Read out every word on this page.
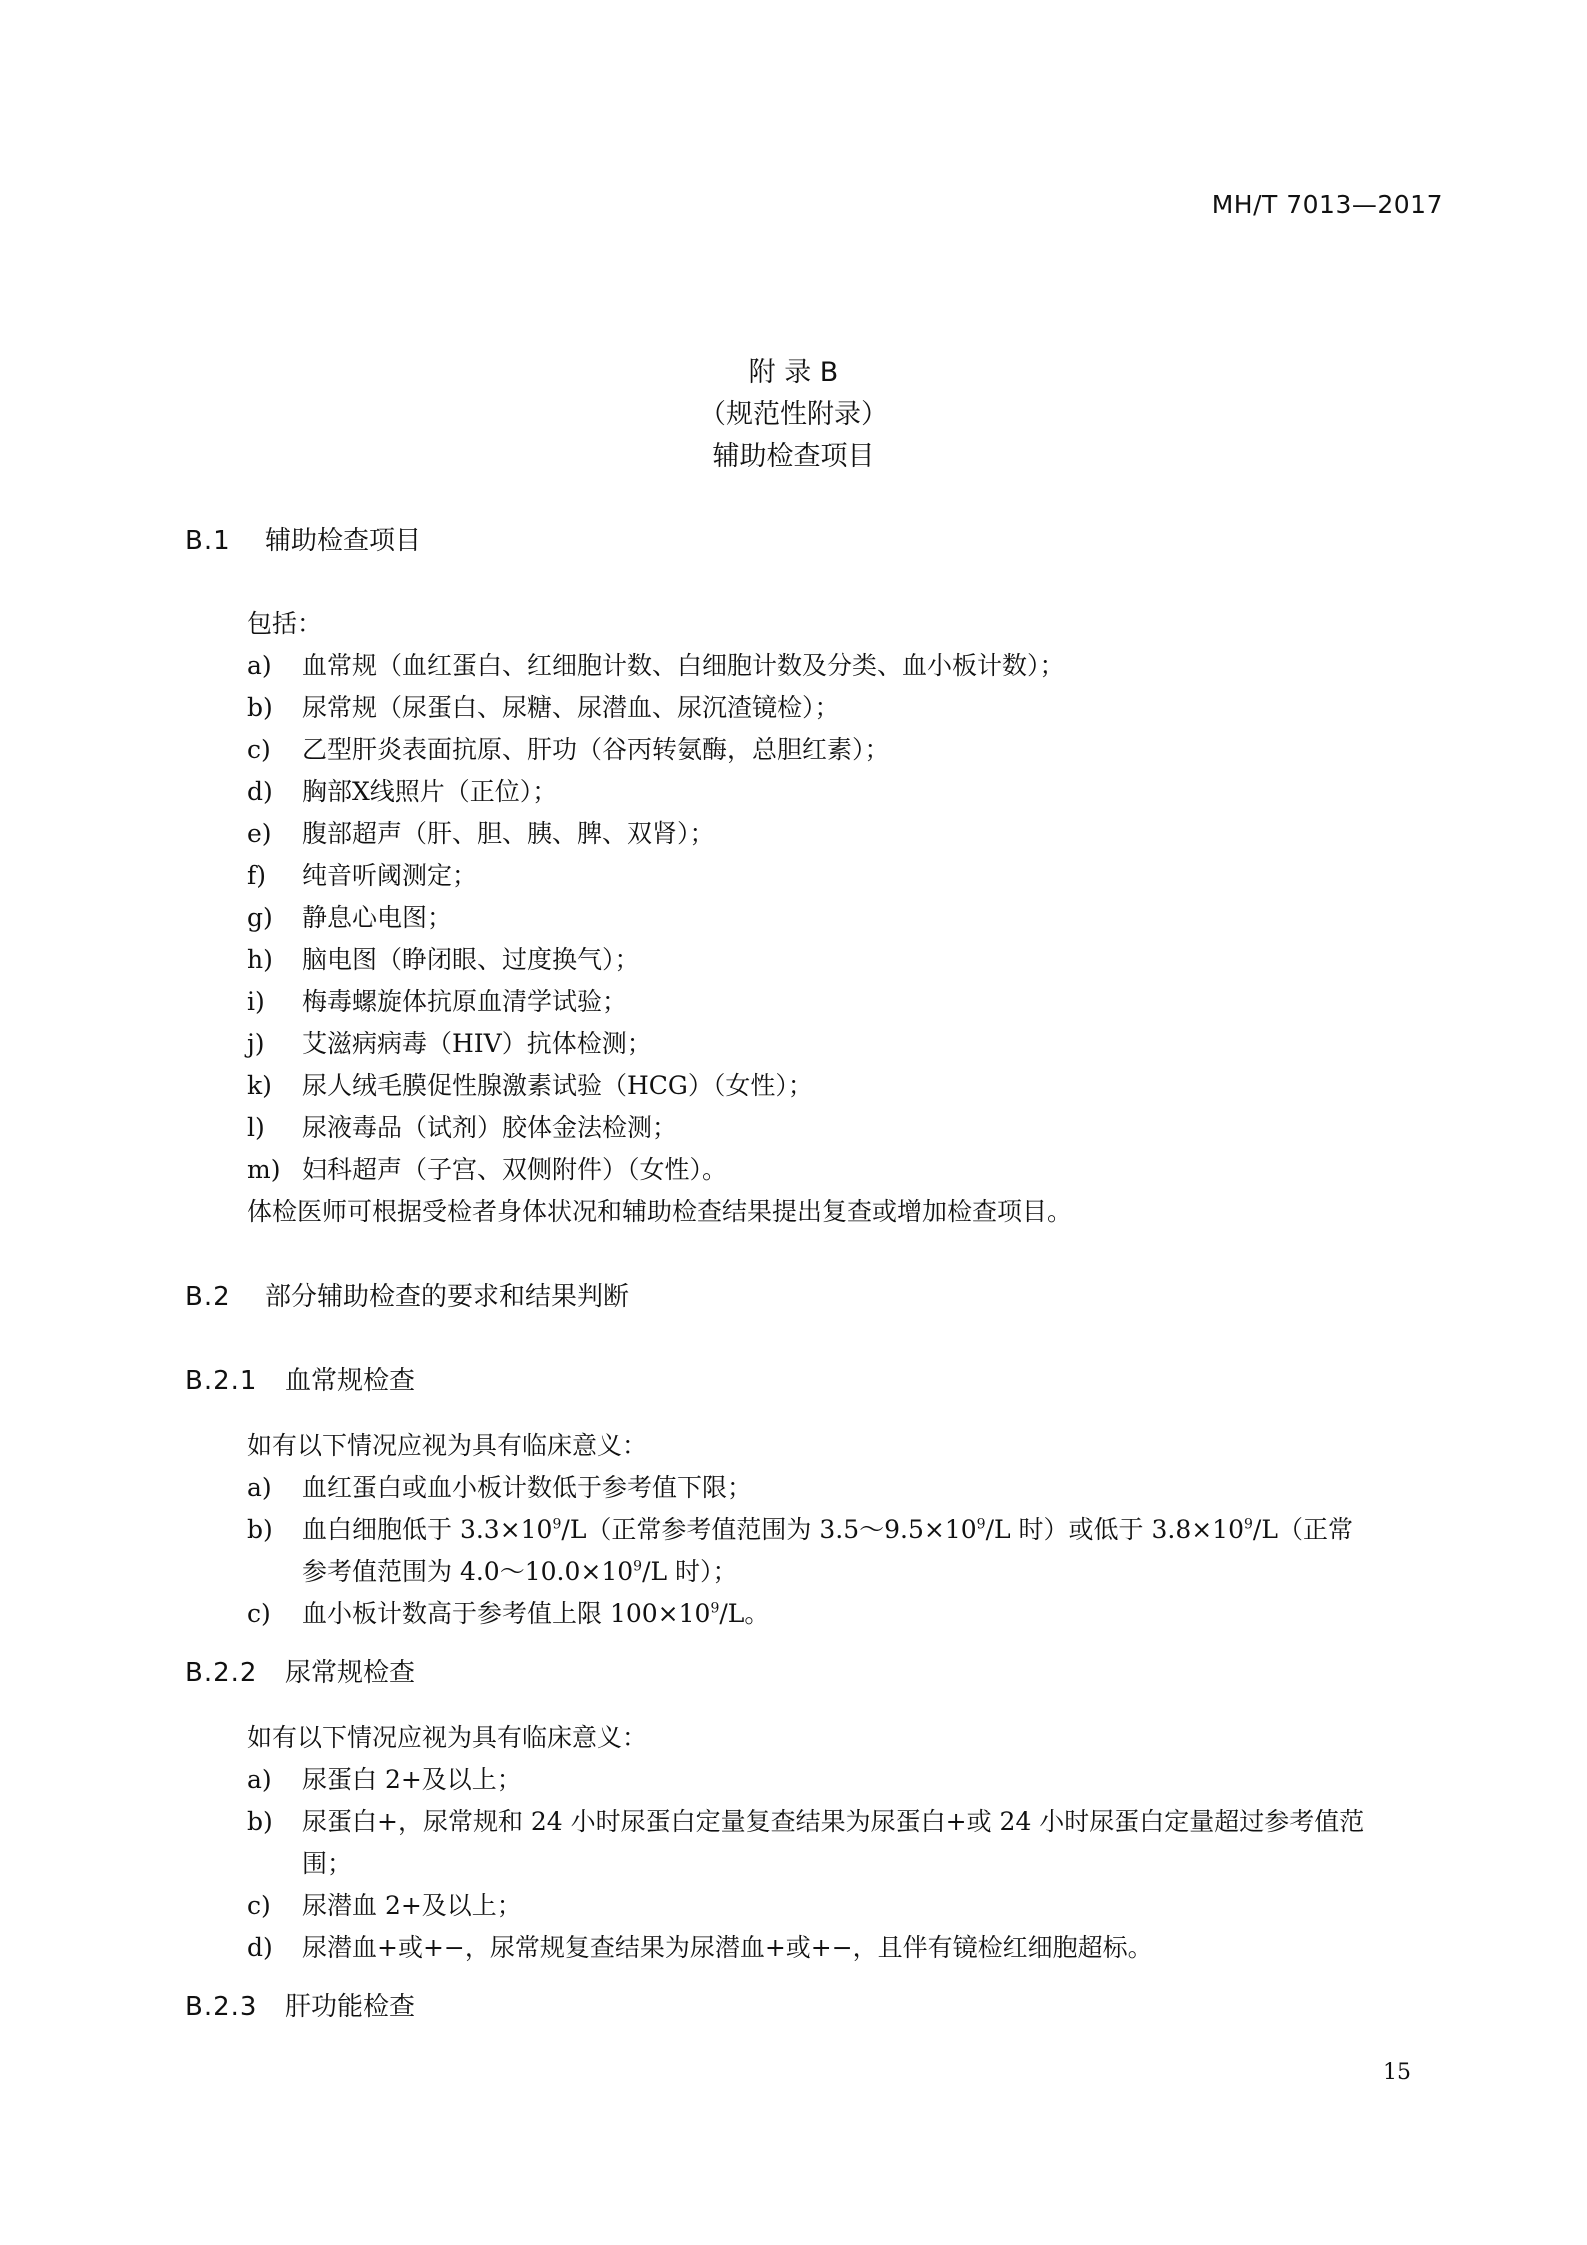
MH/T 7013—2017
附 录 B
（规范性附录）
辅助检查项目
B.1 辅助检查项目
包括：
a) 血常规（血红蛋白、红细胞计数、白细胞计数及分类、血小板计数）；
b) 尿常规（尿蛋白、尿糖、尿潜血、尿沉渣镜检）；
c) 乙型肝炎表面抗原、肝功（谷丙转氨酶，总胆红素）；
d) 胸部X线照片（正位）；
e) 腹部超声（肝、胆、胰、脾、双肾）；
f) 纯音听阈测定；
g) 静息心电图；
h) 脑电图（睁闭眼、过度换气）；
i) 梅毒螺旋体抗原血清学试验；
j) 艾滋病病毒（HIV）抗体检测；
k) 尿人绒毛膜促性腺激素试验（HCG）（女性）；
l) 尿液毒品（试剂）胶体金法检测；
m) 妇科超声（子宫、双侧附件）（女性）。
体检医师可根据受检者身体状况和辅助检查结果提出复查或增加检查项目。
B.2 部分辅助检查的要求和结果判断
B.2.1 血常规检查
如有以下情况应视为具有临床意义：
a) 血红蛋白或血小板计数低于参考值下限；
b) 血白细胞低于 $3.3\times 10^9/L$（正常参考值范围为 $3.5\sim 9.5\times 10^9/L$ 时）或低于 $3.8\times 10^9/L$（正常
参考值范围为 $4.0\sim 10.0\times 10^9/L$ 时）；
c) 血小板计数高于参考值上限 $100\times 10^9/L$。
B.2.2 尿常规检查
如有以下情况应视为具有临床意义：
a) 尿蛋白 2+及以上；
b) 尿蛋白+，尿常规和 24 小时尿蛋白定量复查结果为尿蛋白+或 24 小时尿蛋白定量超过参考值范
围；
c) 尿潜血 2+及以上；
d) 尿潜血+或+−，尿常规复查结果为尿潜血+或+−，且伴有镜检红细胞超标。
B.2.3 肝功能检查
15
